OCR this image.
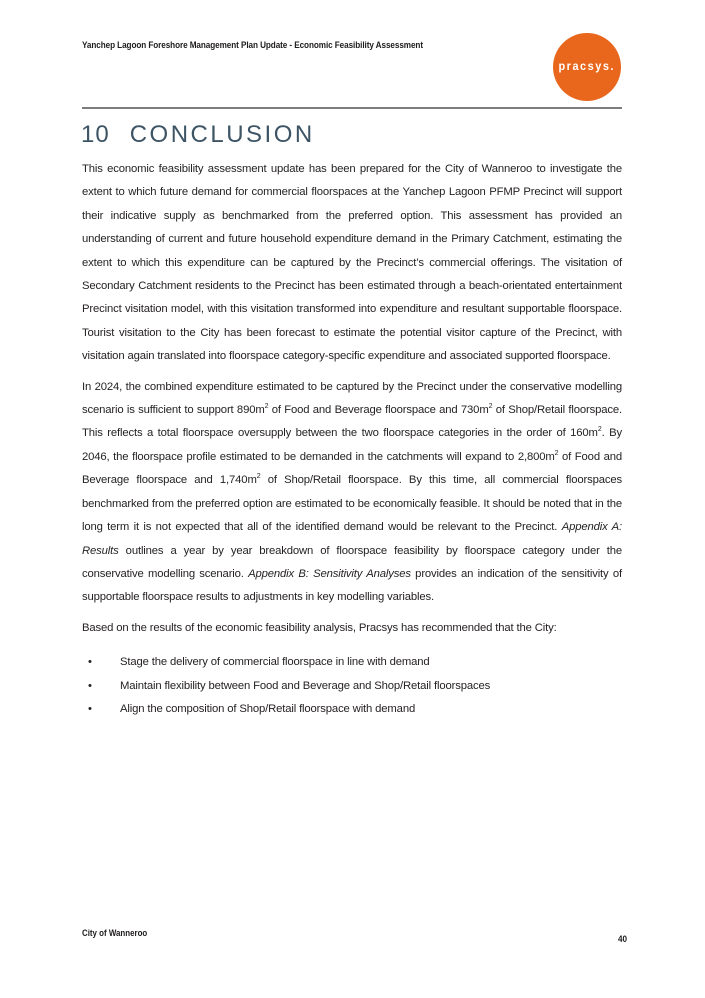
Yanchep Lagoon Foreshore Management Plan Update - Economic Feasibility Assessment
pracsys.
10 CONCLUSION

This economic feasibility assessment update has been prepared for the City of Wanneroo to investigate the extent to which future demand for commercial floorspaces at the Yanchep Lagoon PFMP Precinct will support their indicative supply as benchmarked from the preferred option. This assessment has provided an understanding of current and future household expenditure demand in the Primary Catchment, estimating the extent to which this expenditure can be captured by the Precinct’s commercial offerings. The visitation of Secondary Catchment residents to the Precinct has been estimated through a beach-orientated entertainment Precinct visitation model, with this visitation transformed into expenditure and resultant supportable floorspace. Tourist visitation to the City has been forecast to estimate the potential visitor capture of the Precinct, with visitation again translated into floorspace category-specific expenditure and associated supported floorspace.

In 2024, the combined expenditure estimated to be captured by the Precinct under the conservative modelling scenario is sufficient to support $890m^2$ of Food and Beverage floorspace and $730m^2$ of Shop/Retail floorspace. This reflects a total floorspace oversupply between the two floorspace categories in the order of $160m^2$. By 2046, the floorspace profile estimated to be demanded in the catchments will expand to $2,800m^2$ of Food and Beverage floorspace and $1,740m^2$ of Shop/Retail floorspace. By this time, all commercial floorspaces benchmarked from the preferred option are estimated to be economically feasible. It should be noted that in the long term it is not expected that all of the identified demand would be relevant to the Precinct. Appendix A: Results outlines a year by year breakdown of floorspace feasibility by floorspace category under the conservative modelling scenario. Appendix B: Sensitivity Analyses provides an indication of the sensitivity of supportable floorspace results to adjustments in key modelling variables.

Based on the results of the economic feasibility analysis, Pracsys has recommended that the City:

• Stage the delivery of commercial floorspace in line with demand
• Maintain flexibility between Food and Beverage and Shop/Retail floorspaces
• Align the composition of Shop/Retail floorspace with demand
City of Wanneroo
40
